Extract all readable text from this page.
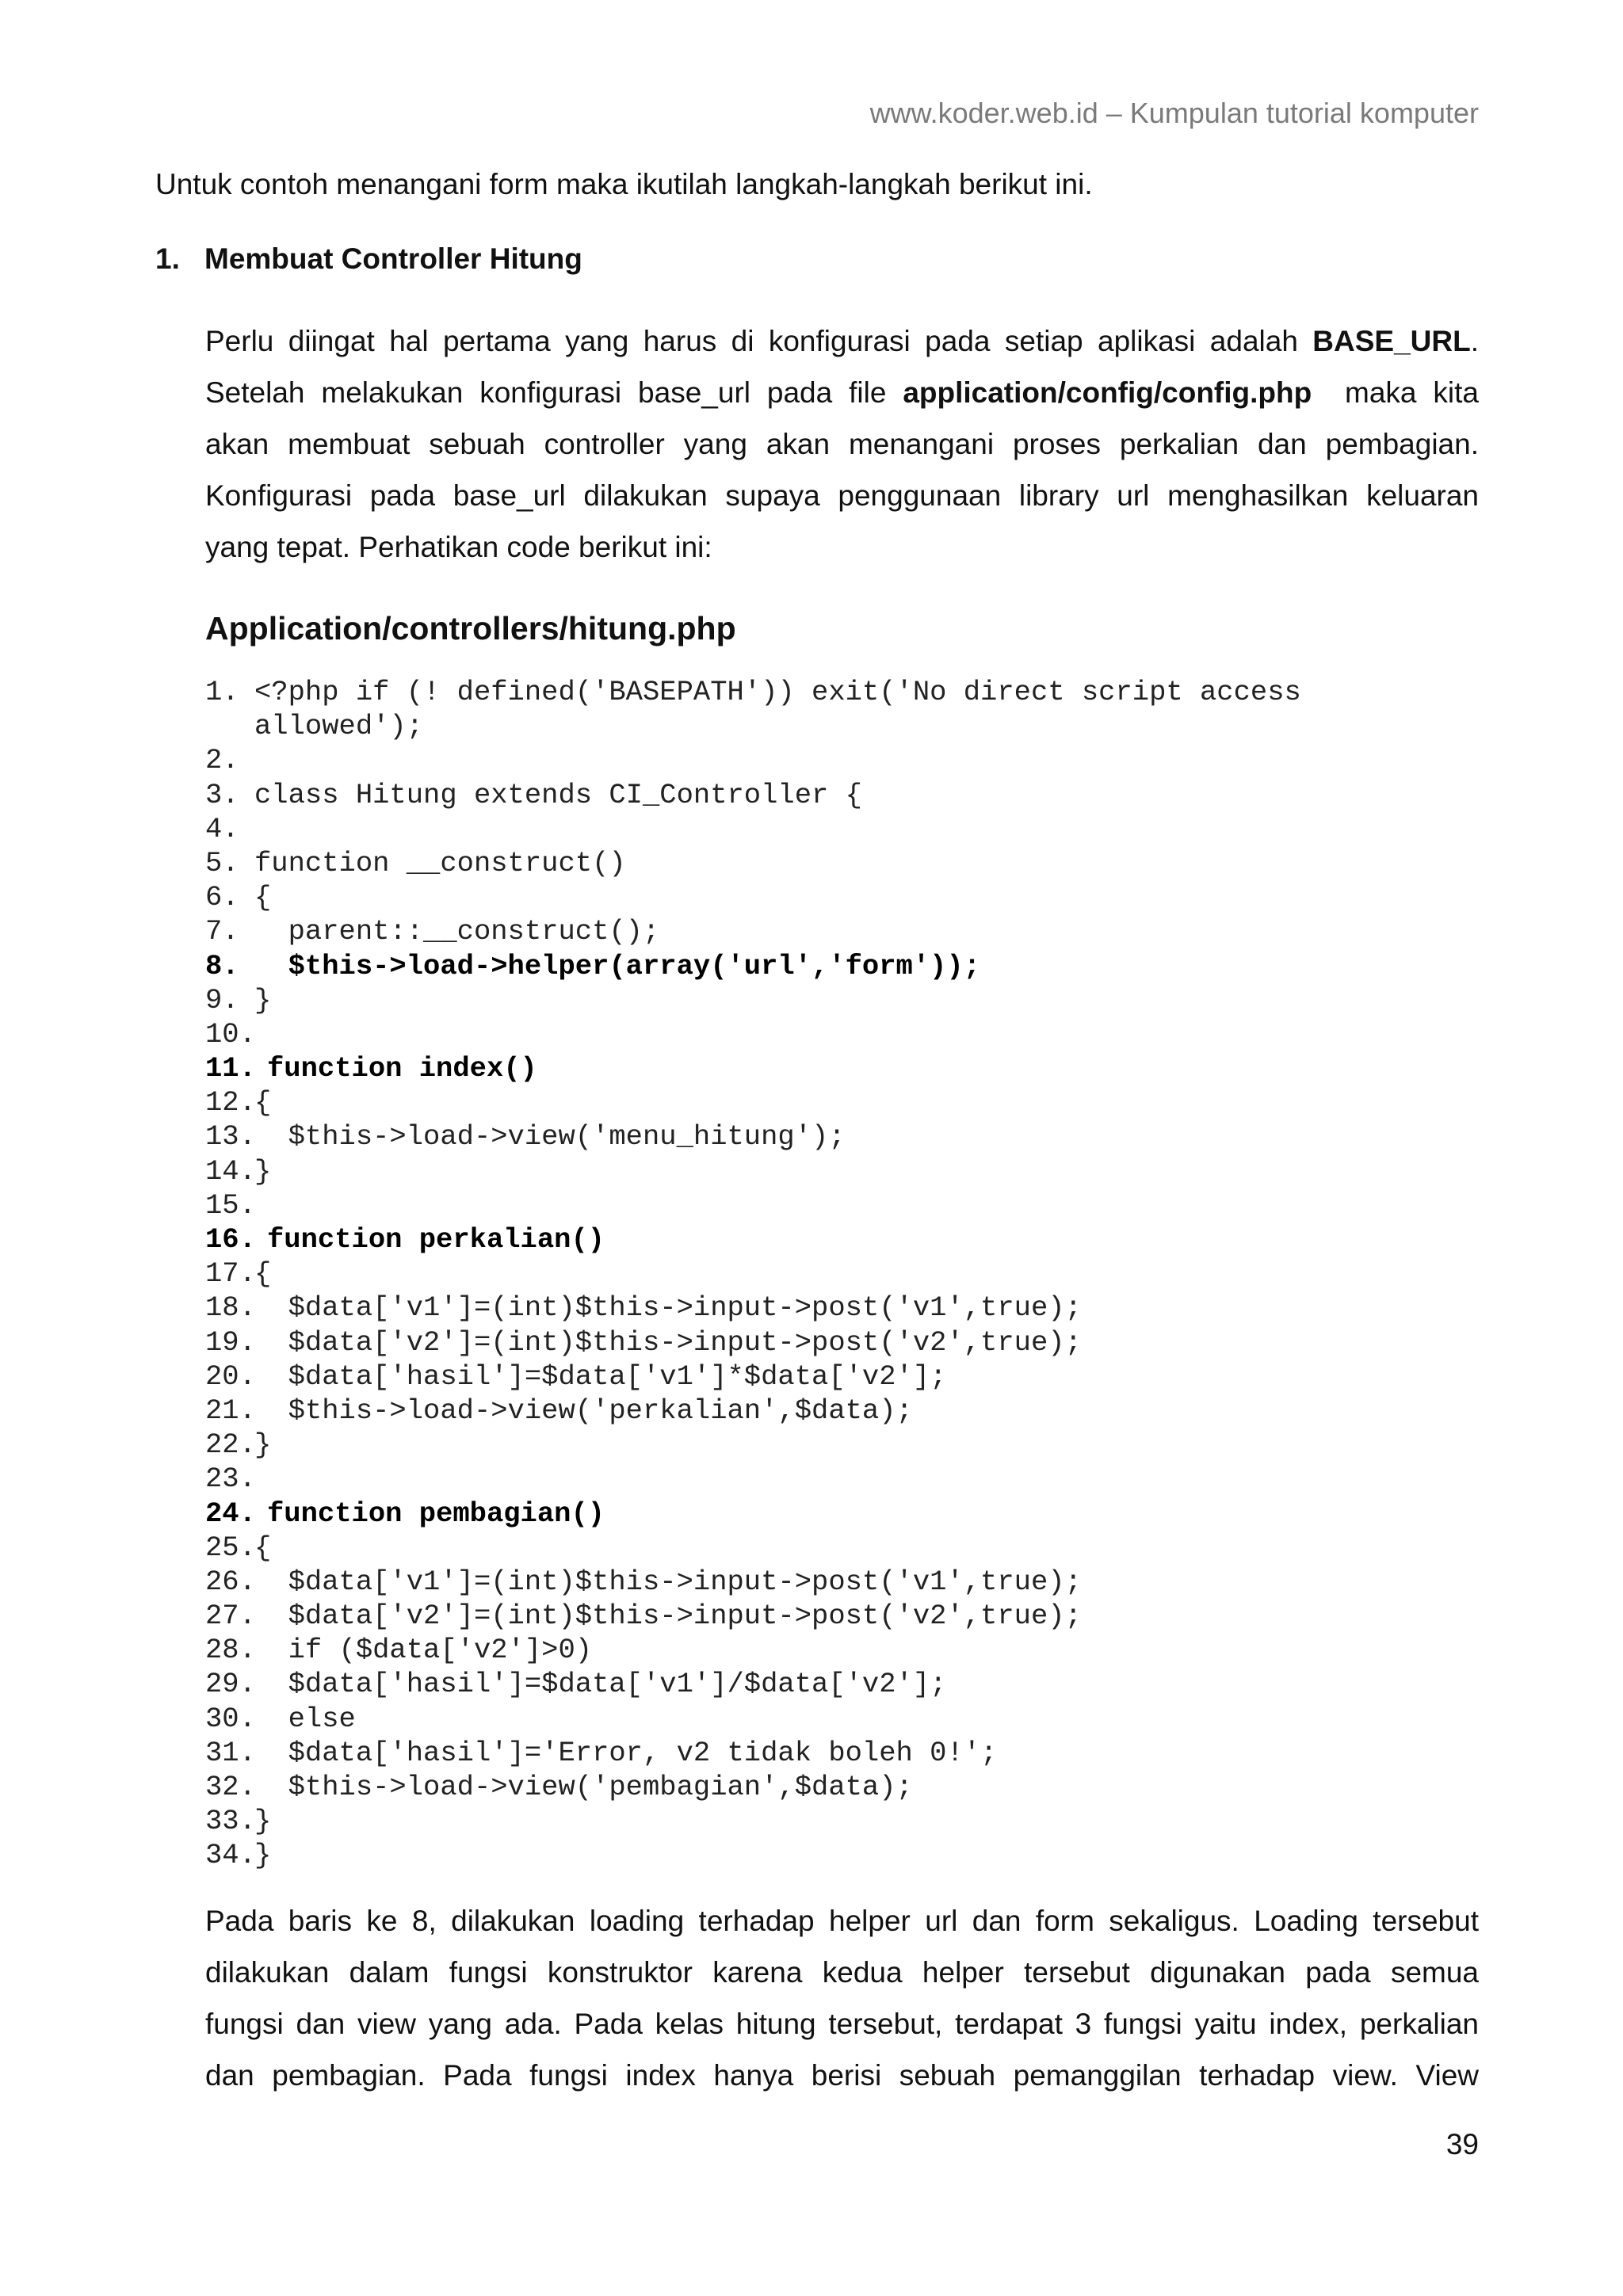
www.koder.web.id – Kumpulan tutorial komputer
Untuk contoh menangani form maka ikutilah langkah-langkah berikut ini.
1. Membuat Controller Hitung
Perlu diingat hal pertama yang harus di konfigurasi pada setiap aplikasi adalah BASE_URL.
Setelah melakukan konfigurasi base_url pada file application/config/config.php  maka kita
akan membuat sebuah controller yang akan menangani proses perkalian dan pembagian.
Konfigurasi pada base_url dilakukan supaya penggunaan library url menghasilkan keluaran
yang tepat. Perhatikan code berikut ini:
Application/controllers/hitung.php
1. <?php if (! defined('BASEPATH')) exit('No direct script access
allowed');
2.
3. class Hitung extends CI_Controller {
4.
5. function __construct()
6. {
7. parent::__construct();
8. $this->load->helper(array('url','form'));
9. }
10.
11. function index()
12.
{
13.
$this->load->view('menu_hitung');
14.
}
15.
16. function perkalian()
17.
{
18.
$data['v1']=(int)$this->input->post('v1',true);
19.
$data['v2']=(int)$this->input->post('v2',true);
20.
$data['hasil']=$data['v1']*$data['v2'];
21.
$this->load->view('perkalian',$data);
22.
}
23.
24. function pembagian()
25.
{
26.
$data['v1']=(int)$this->input->post('v1',true);
27.
$data['v2']=(int)$this->input->post('v2',true);
28.
if ($data['v2']>0)
29.
$data['hasil']=$data['v1']/$data['v2'];
30.
else
31.
$data['hasil']='Error, v2 tidak boleh 0!';
32.
$this->load->view('pembagian',$data);
33.
}
34.
}
Pada baris ke 8, dilakukan loading terhadap helper url dan form sekaligus. Loading tersebut
dilakukan dalam fungsi konstruktor karena kedua helper tersebut digunakan pada semua
fungsi dan view yang ada. Pada kelas hitung tersebut, terdapat 3 fungsi yaitu index, perkalian
dan pembagian. Pada fungsi index hanya berisi sebuah pemanggilan terhadap view. View
39
